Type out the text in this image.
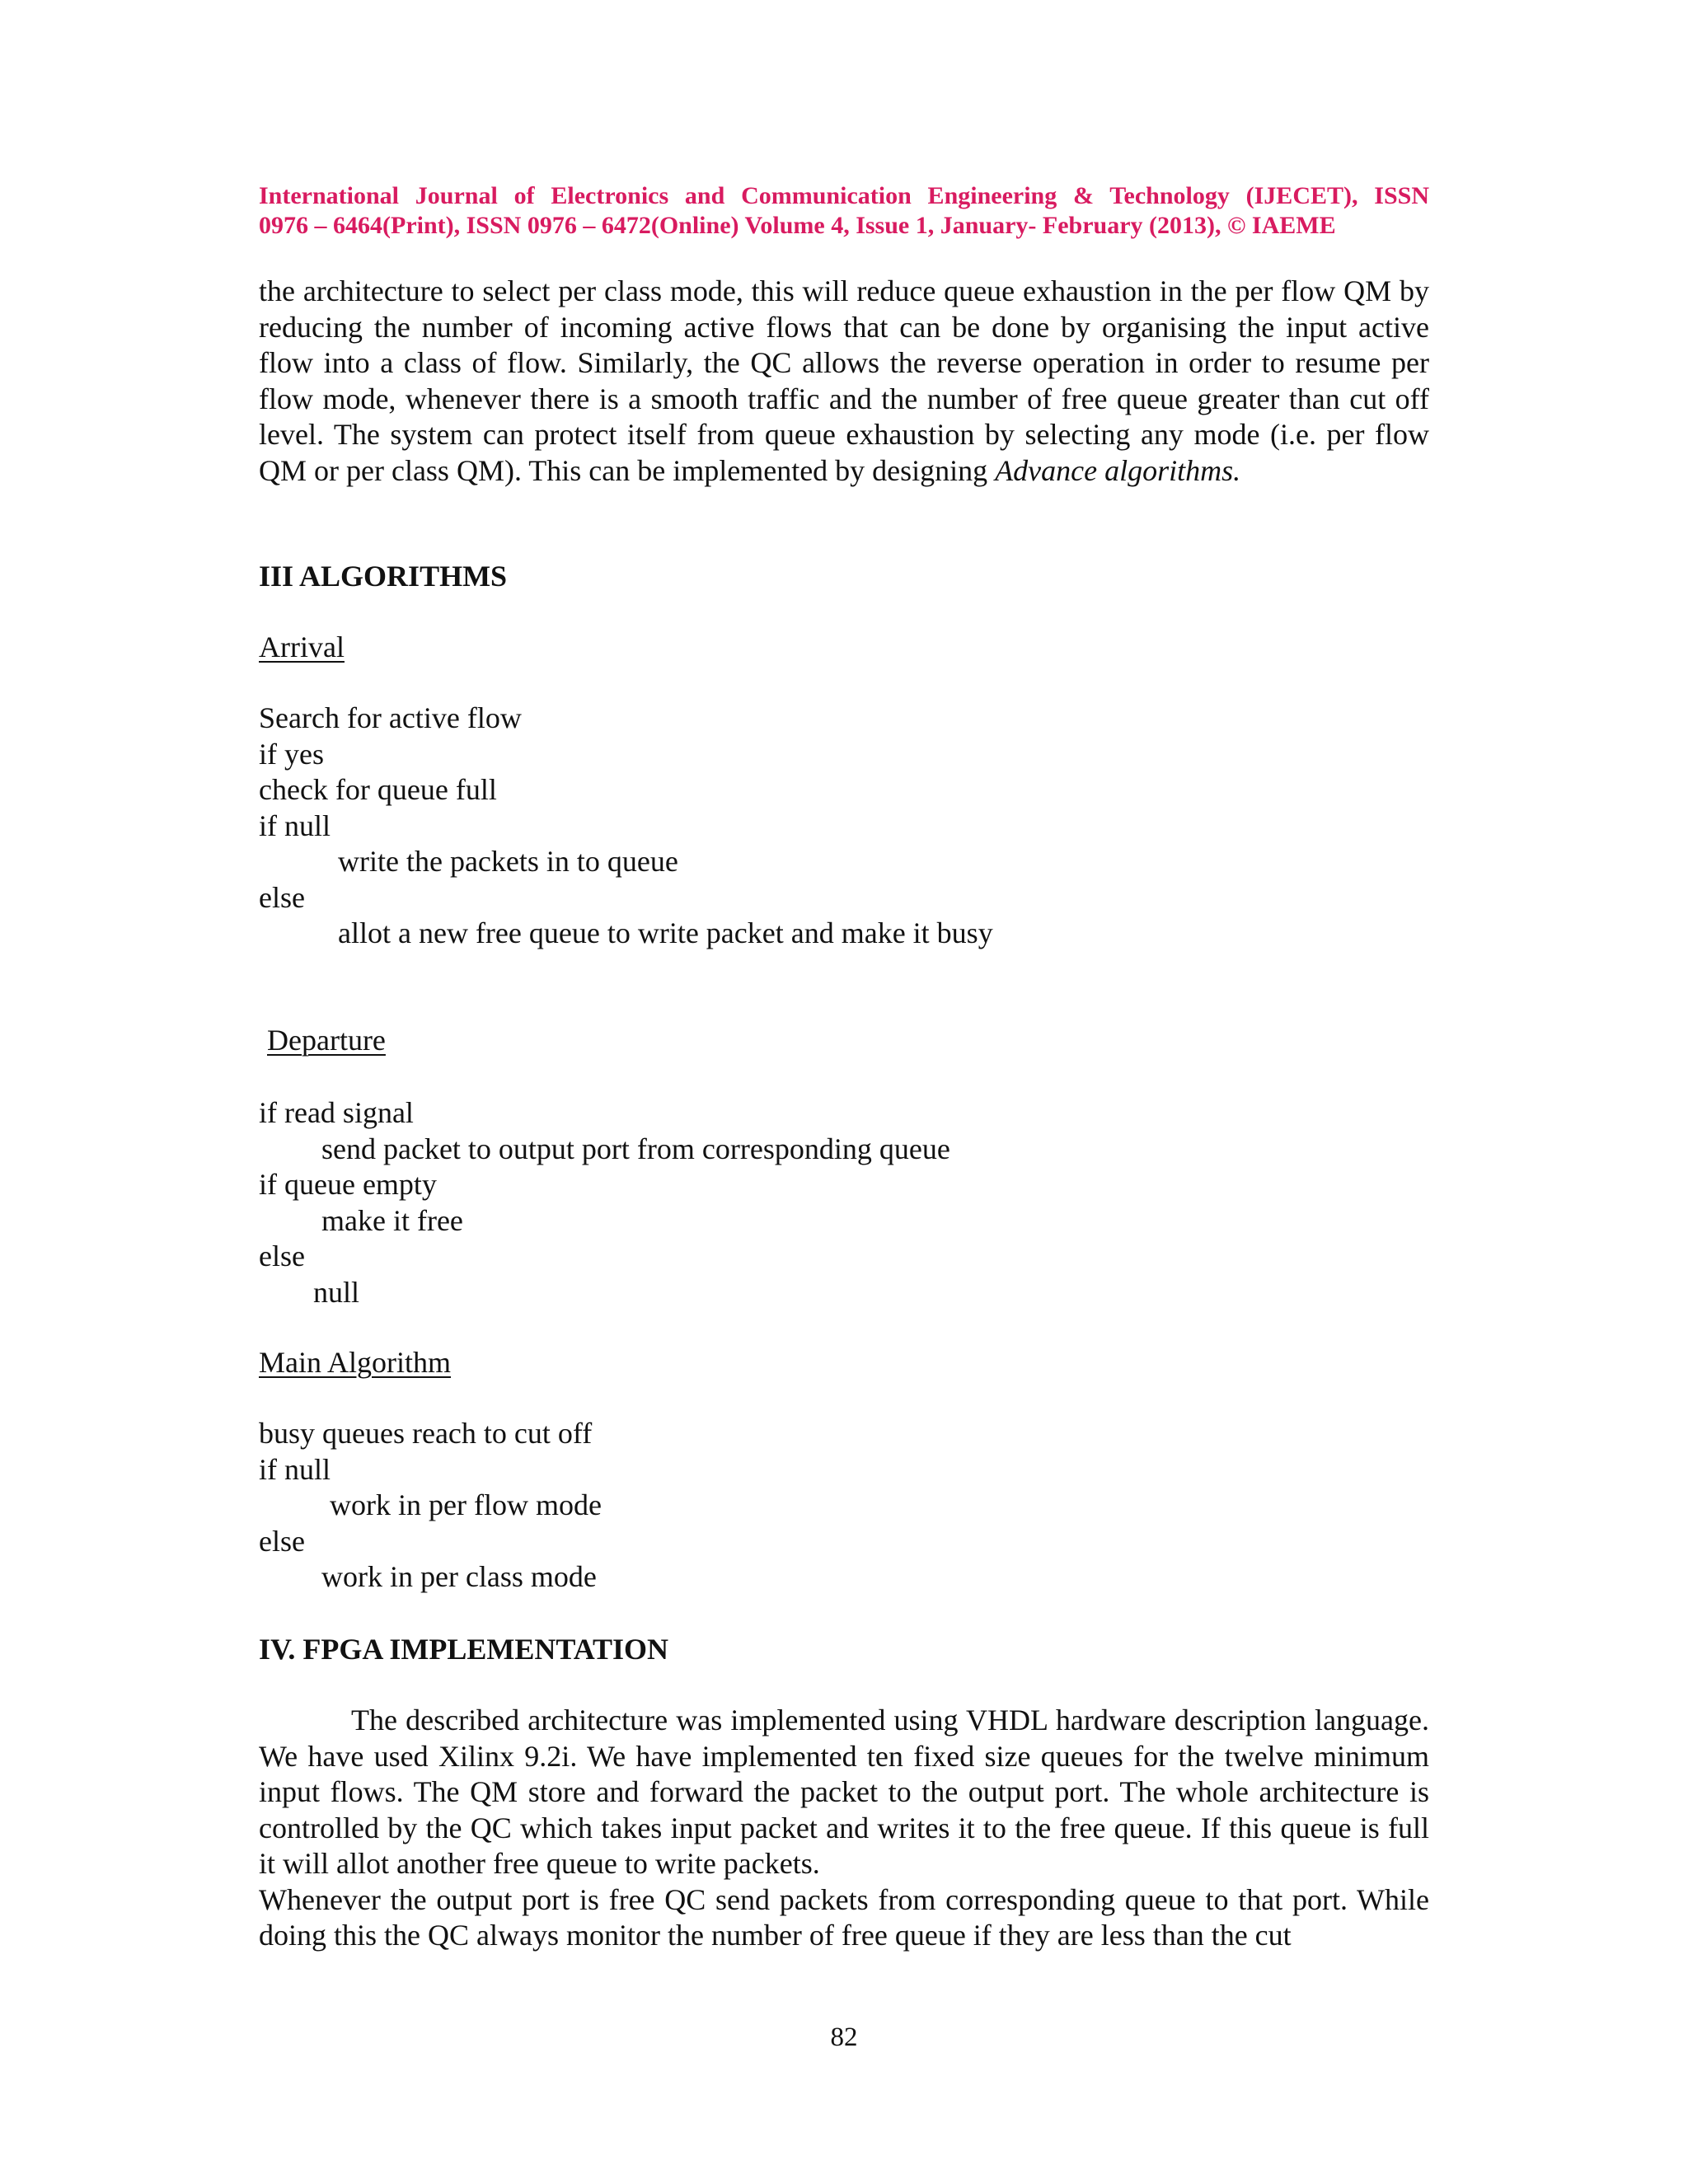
International Journal of Electronics and Communication Engineering & Technology (IJECET), ISSN
0976 – 6464(Print), ISSN 0976 – 6472(Online) Volume 4, Issue 1, January- February (2013), © IAEME

the architecture to select per class mode, this will reduce queue exhaustion in the per flow QM by reducing the number of incoming active flows that can be done by organising the input active flow into a class of flow. Similarly, the QC allows the reverse operation in order to resume per flow mode, whenever there is a smooth traffic and the number of free queue greater than cut off level. The system can protect itself from queue exhaustion by selecting any mode (i.e. per flow QM or per class QM). This can be implemented by designing Advance algorithms.

III ALGORITHMS
Arrival
Search for active flow
if yes
check for queue full
if null
write the packets in to queue
else
allot a new free queue to write packet and make it busy
Departure
if read signal
send packet to output port from corresponding queue
if queue empty
make it free
else
null
Main Algorithm
busy queues reach to cut off
if null
work in per flow mode
else
work in per class mode
IV. FPGA IMPLEMENTATION

The described architecture was implemented using VHDL hardware description language. We have used Xilinx 9.2i. We have implemented ten fixed size queues for the twelve minimum input flows. The QM store and forward the packet to the output port. The whole architecture is controlled by the QC which takes input packet and writes it to the free queue. If this queue is full it will allot another free queue to write packets.

Whenever the output port is free QC send packets from corresponding queue to that port. While doing this the QC always monitor the number of free queue if they are less than the cut

82
